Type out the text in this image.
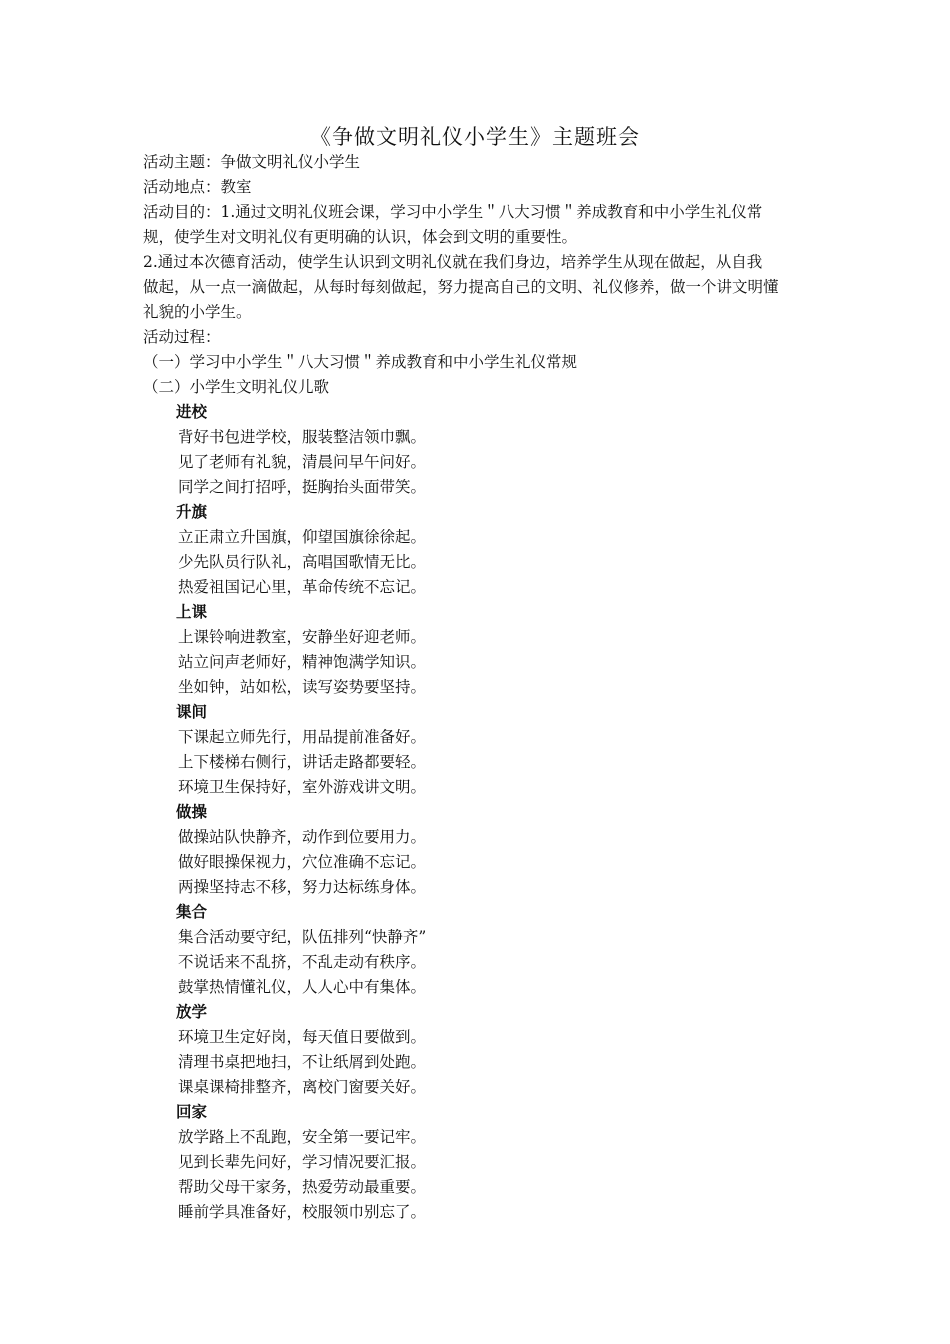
《争做文明礼仪小学生》主题班会

活动主题：争做文明礼仪小学生

活动地点：教室

活动目的：1.通过文明礼仪班会课，学习中小学生＂八大习惯＂养成教育和中小学生礼仪常

规，使学生对文明礼仪有更明确的认识，体会到文明的重要性。

2.通过本次德育活动，使学生认识到文明礼仪就在我们身边，培养学生从现在做起，从自我

做起，从一点一滴做起，从每时每刻做起，努力提高自己的文明、礼仪修养，做一个讲文明懂

礼貌的小学生。

活动过程：

（一）学习中小学生＂八大习惯＂养成教育和中小学生礼仪常规

（二）小学生文明礼仪儿歌

进校

背好书包进学校，服装整洁领巾飘。

见了老师有礼貌，清晨问早午问好。

同学之间打招呼，挺胸抬头面带笑。

升旗

立正肃立升国旗，仰望国旗徐徐起。

少先队员行队礼，高唱国歌情无比。

热爱祖国记心里，革命传统不忘记。

上课

上课铃响进教室，安静坐好迎老师。

站立问声老师好，精神饱满学知识。

坐如钟，站如松，读写姿势要坚持。

课间

下课起立师先行，用品提前准备好。

上下楼梯右侧行，讲话走路都要轻。

环境卫生保持好，室外游戏讲文明。

做操

做操站队快静齐，动作到位要用力。

做好眼操保视力，穴位准确不忘记。

两操坚持志不移，努力达标练身体。

集合

集合活动要守纪，队伍排列“快静齐”

不说话来不乱挤，不乱走动有秩序。

鼓掌热情懂礼仪，人人心中有集体。

放学

环境卫生定好岗，每天值日要做到。

清理书桌把地扫，不让纸屑到处跑。

课桌课椅排整齐，离校门窗要关好。

回家

放学路上不乱跑，安全第一要记牢。

见到长辈先问好，学习情况要汇报。

帮助父母干家务，热爱劳动最重要。

睡前学具准备好，校服领巾别忘了。
